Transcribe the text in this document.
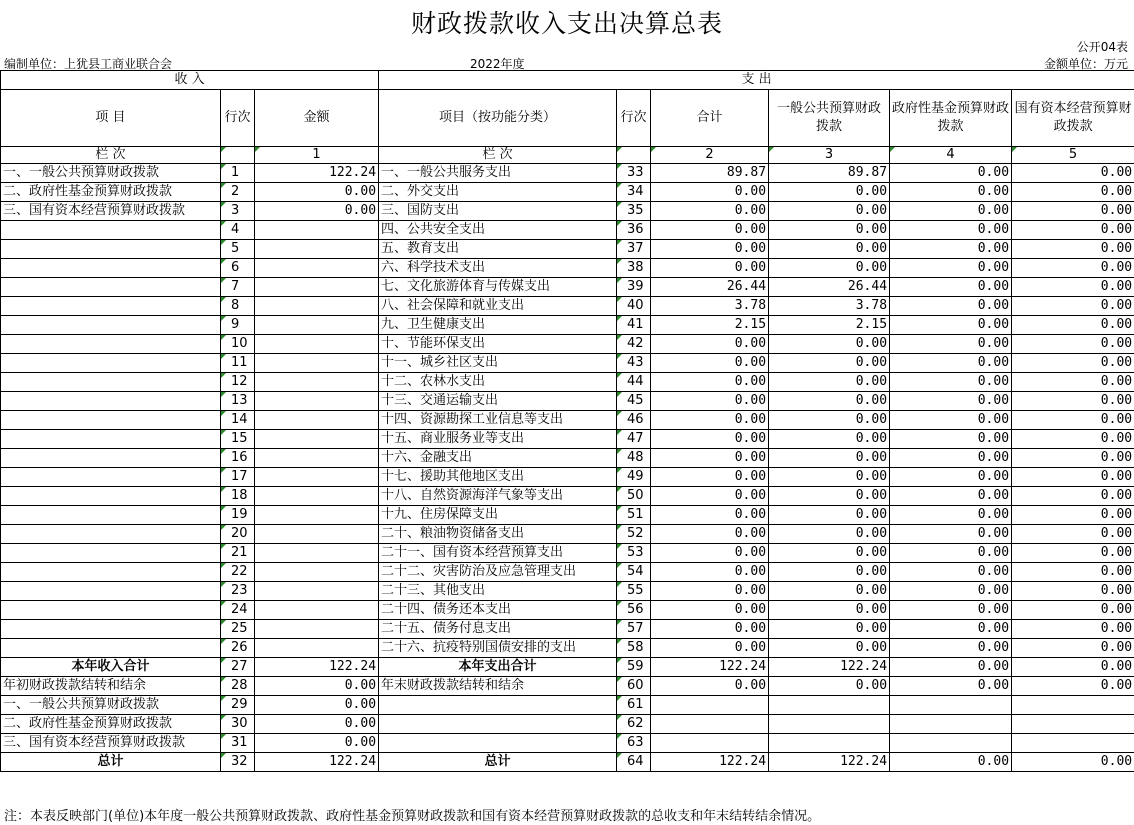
财政拨款收入支出决算总表
公开04表
编制单位：上犹县工商业联合会	2022年度	金额单位：万元
收 入			支 出					
项 目	行次	金额	项目（按功能分类）	行次	合计	一般公共预算财政拨款	政府性基金预算财政拨款	国有资本经营预算财政拨款
栏 次		1	栏 次		2	3	4	5
一、一般公共预算财政拨款	1	122.24	一、一般公共服务支出	33	89.87	89.87	0.00	0.00
二、政府性基金预算财政拨款	2	0.00	二、外交支出	34	0.00	0.00	0.00	0.00
三、国有资本经营预算财政拨款	3	0.00	三、国防支出	35	0.00	0.00	0.00	0.00
	4		四、公共安全支出	36	0.00	0.00	0.00	0.00
	5		五、教育支出	37	0.00	0.00	0.00	0.00
	6		六、科学技术支出	38	0.00	0.00	0.00	0.00
	7		七、文化旅游体育与传媒支出	39	26.44	26.44	0.00	0.00
	8		八、社会保障和就业支出	40	3.78	3.78	0.00	0.00
	9		九、卫生健康支出	41	2.15	2.15	0.00	0.00
	10		十、节能环保支出	42	0.00	0.00	0.00	0.00
	11		十一、城乡社区支出	43	0.00	0.00	0.00	0.00
	12		十二、农林水支出	44	0.00	0.00	0.00	0.00
	13		十三、交通运输支出	45	0.00	0.00	0.00	0.00
	14		十四、资源勘探工业信息等支出	46	0.00	0.00	0.00	0.00
	15		十五、商业服务业等支出	47	0.00	0.00	0.00	0.00
	16		十六、金融支出	48	0.00	0.00	0.00	0.00
	17		十七、援助其他地区支出	49	0.00	0.00	0.00	0.00
	18		十八、自然资源海洋气象等支出	50	0.00	0.00	0.00	0.00
	19		十九、住房保障支出	51	0.00	0.00	0.00	0.00
	20		二十、粮油物资储备支出	52	0.00	0.00	0.00	0.00
	21		二十一、国有资本经营预算支出	53	0.00	0.00	0.00	0.00
	22		二十二、灾害防治及应急管理支出	54	0.00	0.00	0.00	0.00
	23		二十三、其他支出	55	0.00	0.00	0.00	0.00
	24		二十四、债务还本支出	56	0.00	0.00	0.00	0.00
	25		二十五、债务付息支出	57	0.00	0.00	0.00	0.00
	26		二十六、抗疫特别国债安排的支出	58	0.00	0.00	0.00	0.00
本年收入合计	27	122.24	本年支出合计	59	122.24	122.24	0.00	0.00
年初财政拨款结转和结余	28	0.00	年末财政拨款结转和结余	60	0.00	0.00	0.00	0.00
一、一般公共预算财政拨款	29	0.00		61				
二、政府性基金预算财政拨款	30	0.00		62				
三、国有资本经营预算财政拨款	31	0.00		63				
总计	32	122.24	总计	64	122.24	122.24	0.00	0.00
注：本表反映部门(单位)本年度一般公共预算财政拨款、政府性基金预算财政拨款和国有资本经营预算财政拨款的总收支和年末结转结余情况。
